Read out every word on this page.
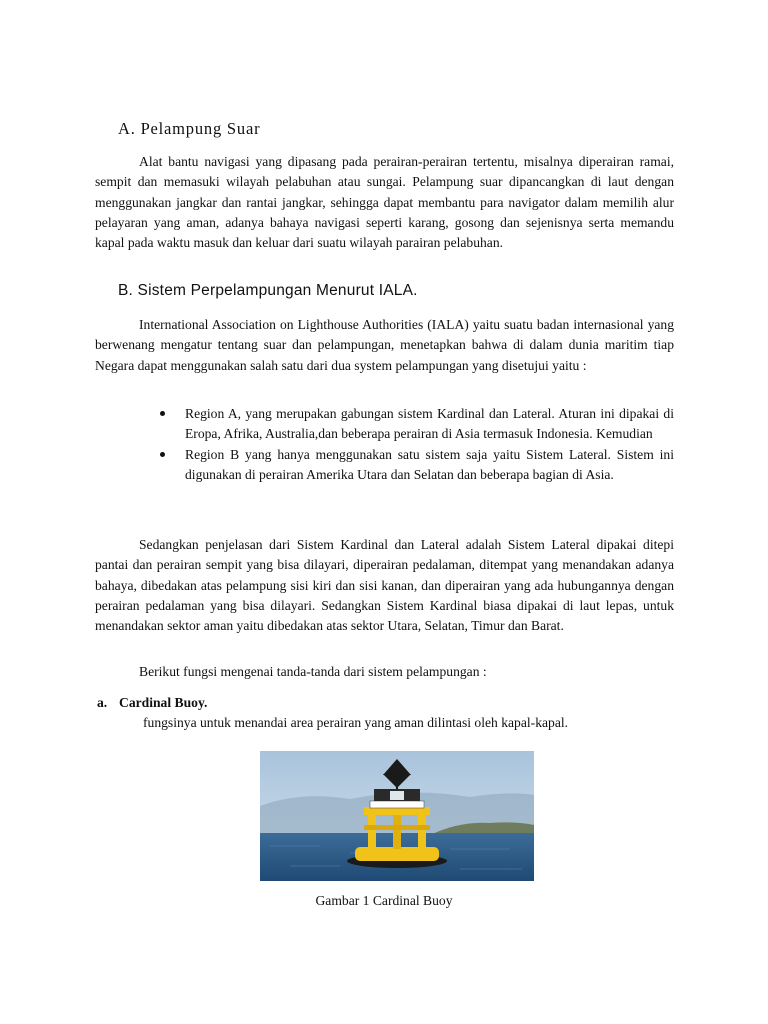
A. Pelampung Suar

Alat bantu navigasi yang dipasang pada perairan-perairan tertentu, misalnya diperairan ramai, sempit dan memasuki wilayah pelabuhan atau sungai. Pelampung suar dipancangkan di laut dengan menggunakan jangkar dan rantai jangkar, sehingga dapat membantu para navigator dalam memilih alur pelayaran yang aman, adanya bahaya navigasi seperti karang, gosong dan sejenisnya serta memandu kapal pada waktu masuk dan keluar dari suatu wilayah parairan pelabuhan.

B. Sistem Perpelampungan Menurut IALA.

International Association on Lighthouse Authorities (IALA) yaitu suatu badan internasional yang berwenang mengatur tentang suar dan pelampungan, menetapkan bahwa di dalam dunia maritim tiap Negara dapat menggunakan salah satu dari dua system pelampungan yang disetujui yaitu :

Region A, yang merupakan gabungan sistem Kardinal dan Lateral. Aturan ini dipakai di Eropa, Afrika, Australia,dan beberapa perairan di Asia termasuk Indonesia. Kemudian
Region B yang hanya menggunakan satu sistem saja yaitu Sistem Lateral. Sistem ini digunakan di perairan Amerika Utara dan Selatan dan beberapa bagian di Asia.

Sedangkan penjelasan dari Sistem Kardinal dan Lateral adalah Sistem Lateral dipakai ditepi pantai dan perairan sempit yang bisa dilayari, diperairan pedalaman, ditempat yang menandakan adanya bahaya, dibedakan atas pelampung sisi kiri dan sisi kanan, dan diperairan yang ada hubungannya dengan perairan pedalaman yang bisa dilayari. Sedangkan Sistem Kardinal biasa dipakai di laut lepas, untuk menandakan sektor aman yaitu dibedakan atas sektor Utara, Selatan, Timur dan Barat.

Berikut fungsi mengenai tanda-tanda dari sistem pelampungan :

a. Cardinal Buoy.
fungsinya untuk menandai area perairan yang aman dilintasi oleh kapal-kapal.
Gambar 1 Cardinal Buoy
